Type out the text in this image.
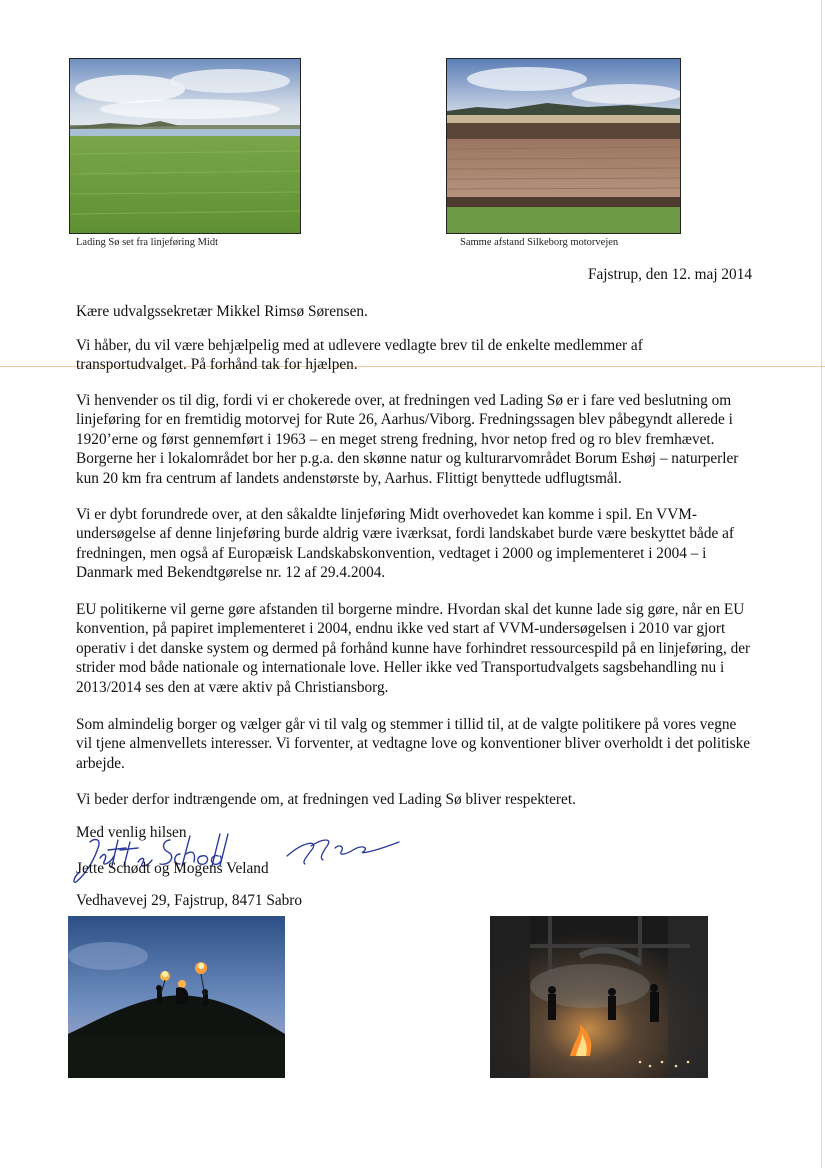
Lading Sø set fra linjeføring Midt	Samme afstand Silkeborg motorvejen
Fajstrup, den 12. maj 2014
Kære udvalgssekretær Mikkel Rimsø Sørensen.
Vi håber, du vil være behjælpelig med at udlevere vedlagte brev til de enkelte medlemmer af
transportudvalget. På forhånd tak for hjælpen.
Vi henvender os til dig, fordi vi er chokerede over, at fredningen ved Lading Sø er i fare ved beslutning om
linjeføring for en fremtidig motorvej for Rute 26, Aarhus/Viborg. Fredningssagen blev påbegyndt allerede i
1920’erne og først gennemført i 1963 – en meget streng fredning, hvor netop fred og ro blev fremhævet.
Borgerne her i lokalområdet bor her p.g.a. den skønne natur og kulturarvområdet Borum Eshøj – naturperler
kun 20 km fra centrum af landets andenstørste by, Aarhus. Flittigt benyttede udflugtsmål.
Vi er dybt forundrede over, at den såkaldte linjeføring Midt overhovedet kan komme i spil. En VVM-
undersøgelse af denne linjeføring burde aldrig være iværksat, fordi landskabet burde være beskyttet både af
fredningen, men også af Europæisk Landskabskonvention, vedtaget i 2000 og implementeret i 2004 – i
Danmark med Bekendtgørelse nr. 12 af 29.4.2004.
EU politikerne vil gerne gøre afstanden til borgerne mindre. Hvordan skal det kunne lade sig gøre, når en EU
konvention, på papiret implementeret i 2004, endnu ikke ved start af VVM-undersøgelsen i 2010 var gjort
operativ i det danske system og dermed på forhånd kunne have forhindret ressourcespild på en linjeføring, der
strider mod både nationale og internationale love. Heller ikke ved Transportudvalgets sagsbehandling nu i
2013/2014 ses den at være aktiv på Christiansborg.
Som almindelig borger og vælger går vi til valg og stemmer i tillid til, at de valgte politikere på vores vegne
vil tjene almenvellets interesser. Vi forventer, at vedtagne love og konventioner bliver overholdt i det politiske
arbejde.
Vi beder derfor indtrængende om, at fredningen ved Lading Sø bliver respekteret.
Med venlig hilsen
Jette Schødt og Mogens Veland
Vedhavevej 29, Fajstrup, 8471 Sabro
